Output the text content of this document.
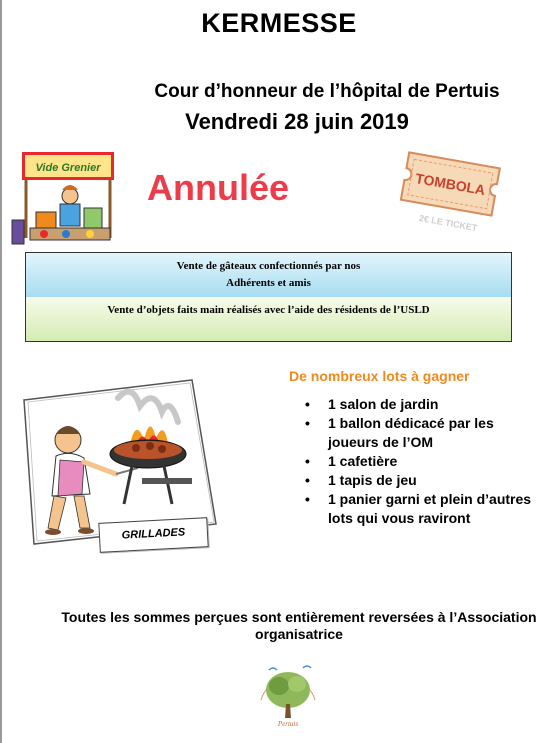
KERMESSE
Cour d’honneur de l’hôpital de Pertuis
Vendredi 28 juin 2019
Vide Grenier Annulée	TOMBOLA
2€ LE TICKET
Vente de gâteaux confectionnés par nos
Adhérents et amis
Vente d’objets faits main réalisés avec l’aide des résidents de l’USLD
GRILLADES
De nombreux lots à gagner
• 1 salon de jardin
• 1 ballon dédicacé par les joueurs de l’OM
• 1 cafetière
• 1 tapis de jeu
• 1 panier garni et plein d’autres lots qui vous raviront
Toutes les sommes perçues sont entièrement reversées à l’Association organisatrice
Pertuis
